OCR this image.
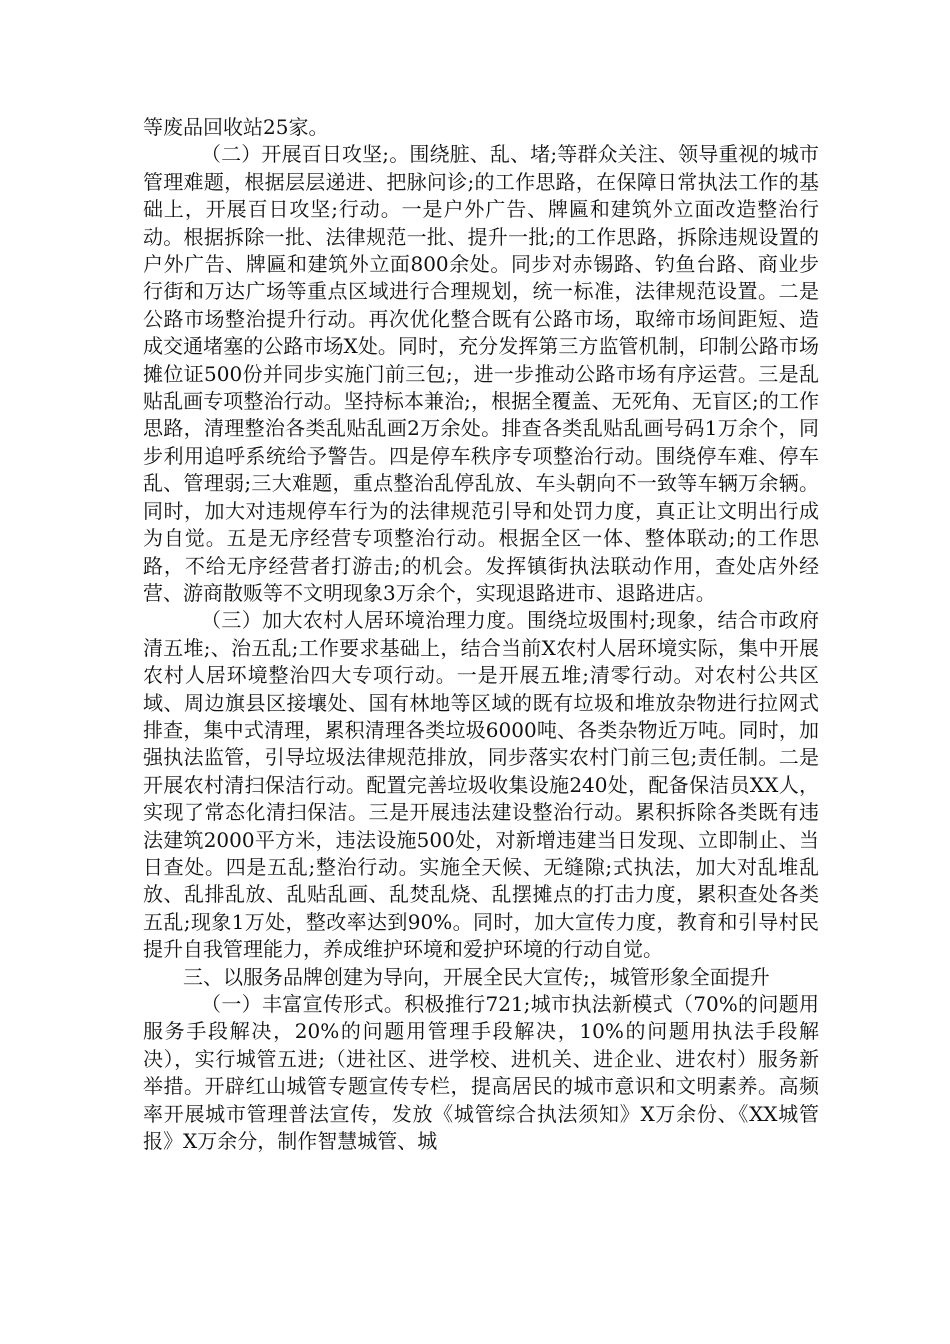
等废品回收站25家。

（二）开展百日攻坚;。围绕脏、乱、堵;等群众关注、领导重视的城市管理难题，根据层层递进、把脉问诊;的工作思路，在保障日常执法工作的基础上，开展百日攻坚;行动。一是户外广告、牌匾和建筑外立面改造整治行动。根据拆除一批、法律规范一批、提升一批;的工作思路，拆除违规设置的户外广告、牌匾和建筑外立面800余处。同步对赤锡路、钓鱼台路、商业步行街和万达广场等重点区域进行合理规划，统一标准，法律规范设置。二是公路市场整治提升行动。再次优化整合既有公路市场，取缔市场间距短、造成交通堵塞的公路市场X处。同时，充分发挥第三方监管机制，印制公路市场摊位证500份并同步实施门前三包;，进一步推动公路市场有序运营。三是乱贴乱画专项整治行动。坚持标本兼治;，根据全覆盖、无死角、无盲区;的工作思路，清理整治各类乱贴乱画2万余处。排查各类乱贴乱画号码1万余个，同步利用追呼系统给予警告。四是停车秩序专项整治行动。围绕停车难、停车乱、管理弱;三大难题，重点整治乱停乱放、车头朝向不一致等车辆万余辆。同时，加大对违规停车行为的法律规范引导和处罚力度，真正让文明出行成为自觉。五是无序经营专项整治行动。根据全区一体、整体联动;的工作思路，不给无序经营者打游击;的机会。发挥镇街执法联动作用，查处店外经营、游商散贩等不文明现象3万余个，实现退路进市、退路进店。

（三）加大农村人居环境治理力度。围绕垃圾围村;现象，结合市政府清五堆;、治五乱;工作要求基础上，结合当前X农村人居环境实际，集中开展农村人居环境整治四大专项行动。一是开展五堆;清零行动。对农村公共区域、周边旗县区接壤处、国有林地等区域的既有垃圾和堆放杂物进行拉网式排查，集中式清理，累积清理各类垃圾6000吨、各类杂物近万吨。同时，加强执法监管，引导垃圾法律规范排放，同步落实农村门前三包;责任制。二是开展农村清扫保洁行动。配置完善垃圾收集设施240处，配备保洁员XX人，实现了常态化清扫保洁。三是开展违法建设整治行动。累积拆除各类既有违法建筑2000平方米，违法设施500处，对新增违建当日发现、立即制止、当日查处。四是五乱;整治行动。实施全天候、无缝隙;式执法，加大对乱堆乱放、乱排乱放、乱贴乱画、乱焚乱烧、乱摆摊点的打击力度，累积查处各类五乱;现象1万处，整改率达到90%。同时，加大宣传力度，教育和引导村民提升自我管理能力，养成维护环境和爱护环境的行动自觉。

三、以服务品牌创建为导向，开展全民大宣传;，城管形象全面提升

（一）丰富宣传形式。积极推行721;城市执法新模式（70%的问题用服务手段解决，20%的问题用管理手段解决，10%的问题用执法手段解决），实行城管五进;（进社区、进学校、进机关、进企业、进农村）服务新举措。开辟红山城管专题宣传专栏，提高居民的城市意识和文明素养。高频率开展城市管理普法宣传，发放《城管综合执法须知》X万余份、《XX城管报》X万余分，制作智慧城管、城
